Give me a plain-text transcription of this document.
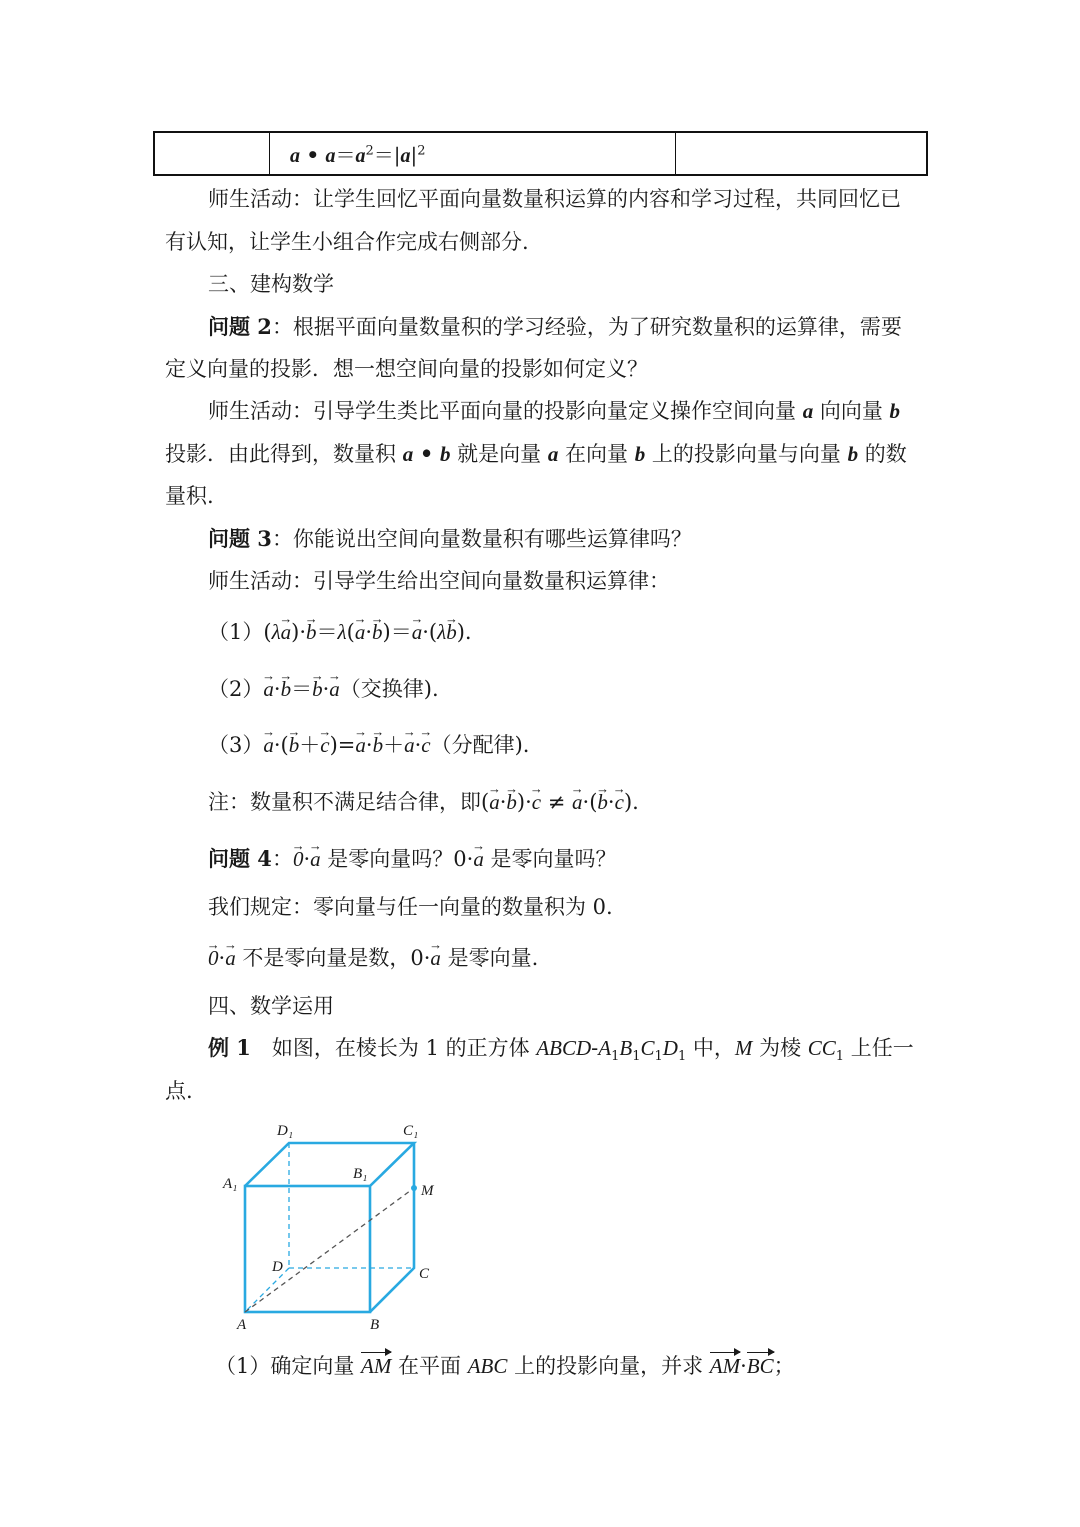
	a • $a=a^2=|a|^2$	
师生活动：让学生回忆平面向量数量积运算的内容和学习过程，共同回忆已
有认知，让学生小组合作完成右侧部分.
三、建构数学
问题 2：根据平面向量数量积的学习经验，为了研究数量积的运算律，需要
定义向量的投影．想一想空间向量的投影如何定义？
师生活动：引导学生类比平面向量的投影向量定义操作空间向量 a 向向量 b
投影．由此得到，数量积 a • b 就是向量 a 在向量 b 上的投影向量与向量 b 的数
量积.
问题 3：你能说出空间向量数量积有哪些运算律吗？
师生活动：引导学生给出空间向量数量积运算律：
（1）(λ→ a)·→ b＝λ(→ a·→ b)＝→ a·(λ→ b).
（2）→ a·→ b＝→ b·→ a（交换律).
（3）→ a·(→ b＋→ c)=→ a·→ b＋→ a·→ c（分配律).
注：数量积不满足结合律，即(→ a·→ b)·→ c ≠ → a·(→ b·→ c).
问题 4：→ 0·→ a 是零向量吗？0·→ a 是零向量吗？
我们规定：零向量与任一向量的数量积为 0.
→ 0·→ a 不是零向量是数，0·→ a 是零向量.
四、数学运用
例 1　如图，在棱长为 1 的正方体 ABCD-$A_1B_1C_1D_1$ 中，M 为棱 $CC_1$ 上任一
点.
D₁	C₁
A₁
B₁
M
D	C
A	B
（1）确定向量 AM 在平面 ABC 上的投影向量，并求 AM·BC；
